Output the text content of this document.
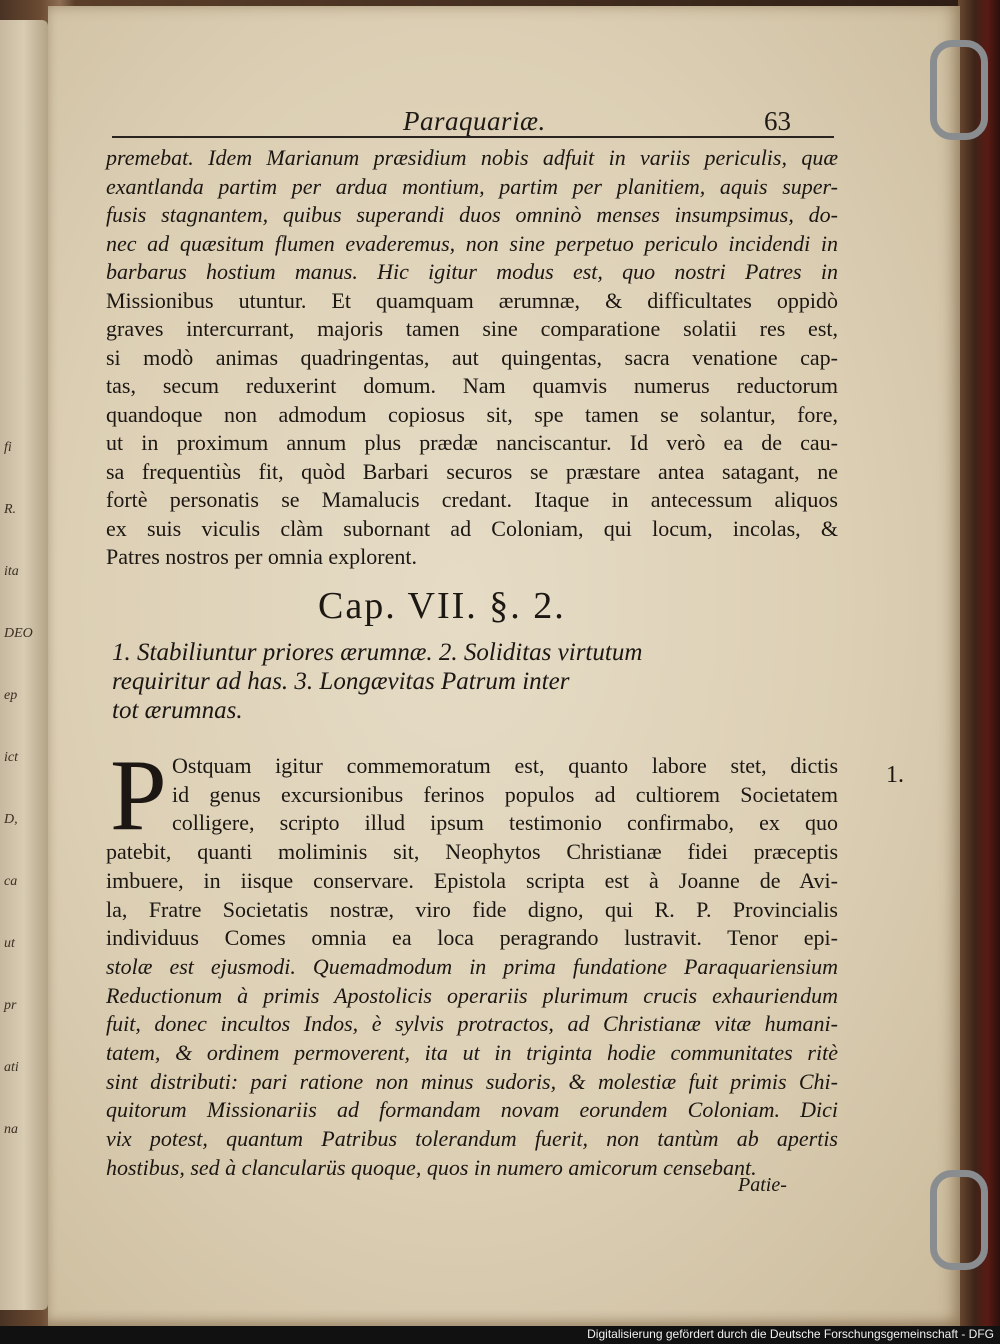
fi
R.
ita
DEO
ep
ict
D,
ca
ut
pr
ati
na
Paraquariæ.	63
premebat. Idem Marianum præsidium nobis adfuit in variis periculis, quæ
exantlanda partim per ardua montium, partim per planitiem, aquis super-
fusis stagnantem, quibus superandi duos omninò menses insumpsimus, do-
nec ad quæsitum flumen evaderemus, non sine perpetuo periculo incidendi in
barbarus hostium manus. Hic igitur modus est, quo nostri Patres in
Missionibus utuntur. Et quamquam ærumnæ, & difficultates oppidò
graves intercurrant, majoris tamen sine comparatione solatii res est,
si modò animas quadringentas, aut quingentas, sacra venatione cap-
tas, secum reduxerint domum. Nam quamvis numerus reductorum
quandoque non admodum copiosus sit, spe tamen se solantur, fore,
ut in proximum annum plus prædæ nanciscantur. Id verò ea de cau-
sa frequentiùs fit, quòd Barbari securos se præstare antea satagant, ne
fortè personatis se Mamalucis credant. Itaque in antecessum aliquos
ex suis viculis clàm subornant ad Coloniam, qui locum, incolas, &
Patres nostros per omnia explorent.
Cap. VII. §. 2.
1. Stabiliuntur priores ærumnæ. 2. Soliditas virtutum
requiritur ad has. 3. Longævitas Patrum inter
tot ærumnas.
P Ostquam igitur commemoratum est, quanto labore stet, dictis
id genus excursionibus ferinos populos ad cultiorem Societatem
colligere, scripto illud ipsum testimonio confirmabo, ex quo
patebit, quanti moliminis sit, Neophytos Christianæ fidei præceptis
imbuere, in iisque conservare. Epistola scripta est à Joanne de Avi-
la, Fratre Societatis nostræ, viro fide digno, qui R. P. Provincialis
individuus Comes omnia ea loca peragrando lustravit. Tenor epi-
stolæ est ejusmodi. Quemadmodum in prima fundatione Paraquariensium
Reductionum à primis Apostolicis operariis plurimum crucis exhauriendum
fuit, donec incultos Indos, è sylvis protractos, ad Christianæ vitæ humani-
tatem, & ordinem permoverent, ita ut in triginta hodie communitates ritè
sint distributi: pari ratione non minus sudoris, & molestiæ fuit primis Chi-
quitorum Missionariis ad formandam novam eorundem Coloniam. Dici
vix potest, quantum Patribus tolerandum fuerit, non tantùm ab apertis
hostibus, sed à clancularüs quoque, quos in numero amicorum censebant.
1.
Patie-
Digitalisierung gefördert durch die Deutsche Forschungsgemeinschaft - DFG
